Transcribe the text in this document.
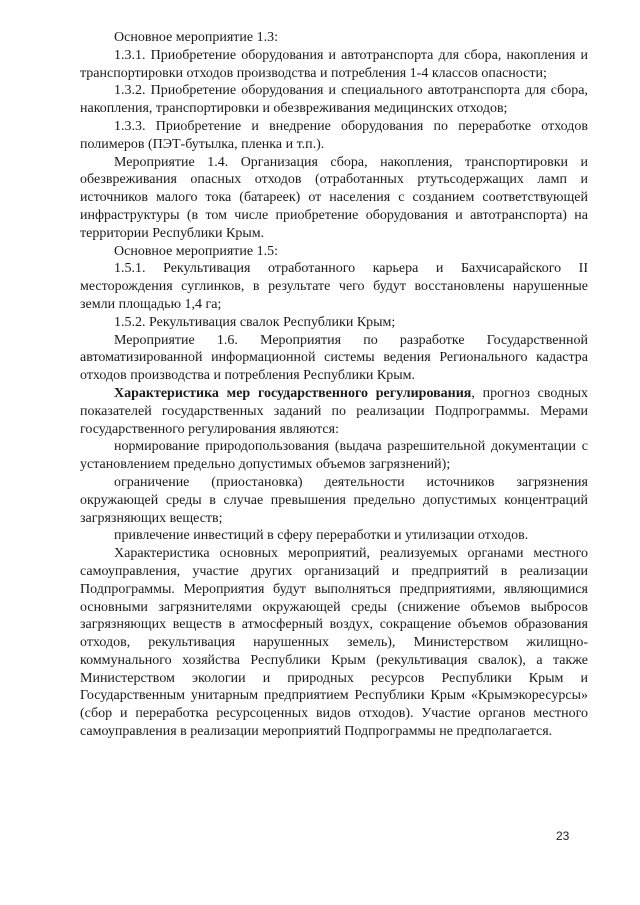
Основное мероприятие 1.3:

1.3.1. Приобретение оборудования и автотранспорта для сбора, накопления и транспортировки отходов производства и потребления 1-4 классов опасности;

1.3.2. Приобретение оборудования и специального автотранспорта для сбора, накопления, транспортировки и обезвреживания медицинских отходов;

1.3.3. Приобретение и внедрение оборудования по переработке отходов полимеров (ПЭТ-бутылка, пленка и т.п.).

Мероприятие 1.4. Организация сбора, накопления, транспортировки и обезвреживания опасных отходов (отработанных ртутьсодержащих ламп и источников малого тока (батареек) от населения с созданием соответствующей инфраструктуры (в том числе приобретение оборудования и автотранспорта) на территории Республики Крым.

Основное мероприятие 1.5:

1.5.1. Рекультивация отработанного карьера и Бахчисарайского II месторождения суглинков, в результате чего будут восстановлены нарушенные земли площадью 1,4 га;

1.5.2. Рекультивация свалок Республики Крым;

Мероприятие 1.6. Мероприятия по разработке Государственной автоматизированной информационной системы ведения Регионального кадастра отходов производства и потребления Республики Крым.

Характеристика мер государственного регулирования, прогноз сводных показателей государственных заданий по реализации Подпрограммы. Мерами государственного регулирования являются:

нормирование природопользования (выдача разрешительной документации с установлением предельно допустимых объемов загрязнений);

ограничение (приостановка) деятельности источников загрязнения окружающей среды в случае превышения предельно допустимых концентраций загрязняющих веществ;

привлечение инвестиций в сферу переработки и утилизации отходов.

Характеристика основных мероприятий, реализуемых органами местного самоуправления, участие других организаций и предприятий в реализации Подпрограммы. Мероприятия будут выполняться предприятиями, являющимися основными загрязнителями окружающей среды (снижение объемов выбросов загрязняющих веществ в атмосферный воздух, сокращение объемов образования отходов, рекультивация нарушенных земель), Министерством жилищно-коммунального хозяйства Республики Крым (рекультивация свалок), а также Министерством экологии и природных ресурсов Республики Крым и Государственным унитарным предприятием Республики Крым «Крымэкоресурсы» (сбор и переработка ресурсоценных видов отходов). Участие органов местного самоуправления в реализации мероприятий Подпрограммы не предполагается.

23
